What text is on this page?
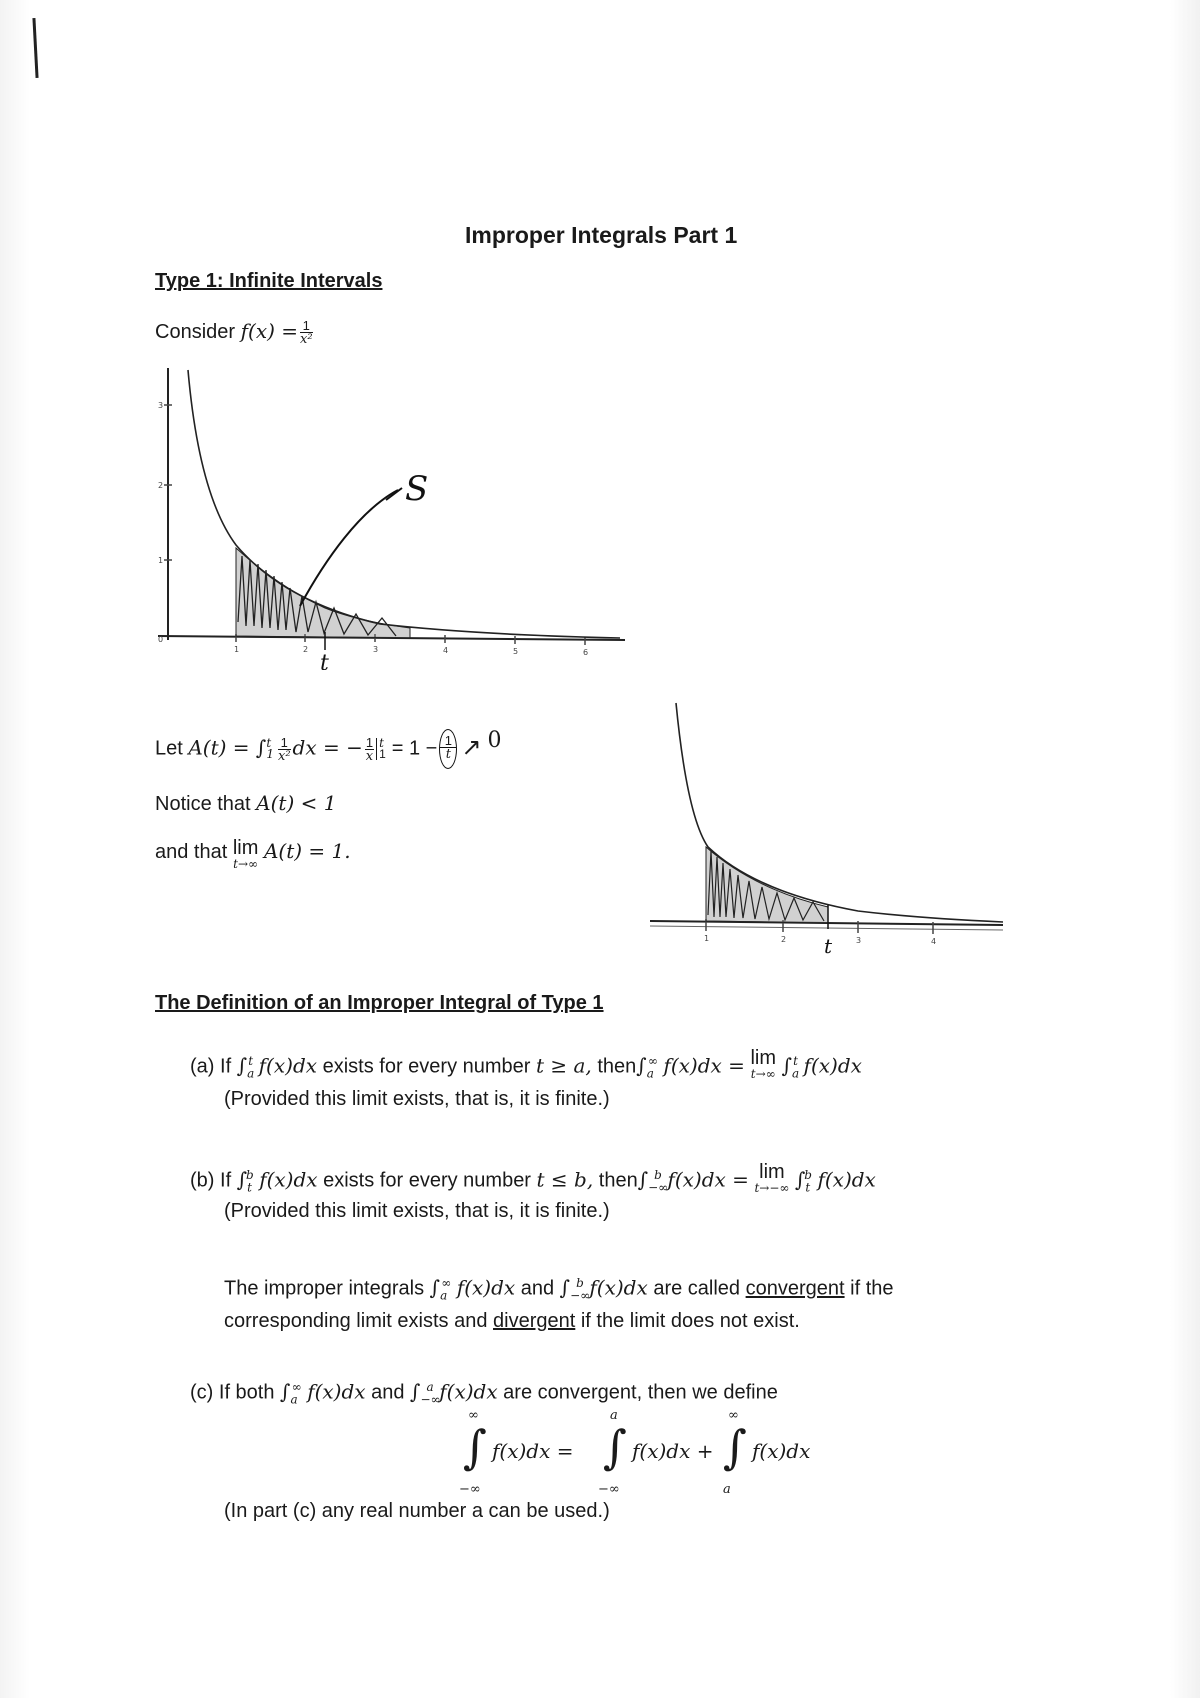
Improper Integrals Part 1
Type 1: Infinite Intervals
Consider $f(x) = \frac{1}{\text{x²}}$
3
2
1
0
1	2	3	4	5	6
S
t
Let A(t) = ∫ t
$1 \frac{1}{\text{x²}}$ dx = − $\frac{1}{x}$ t
$1 = 1 - \frac{1}{t}$ ↗ 0
Notice that A(t) < 1
and that lim
t→∞
A(t) = 1.
1	2	3	4
t
The Definition of an Improper Integral of Type 1
(a) If $\int_a^t$ f(x)dx exists for every number t ≥ a, $then\int_a^\infty$ f(x)dx = lim
t→∞ $\int_a^t$ f(x)dx
(Provided this limit exists, that is, it is finite.)
(b) If $\int_t^b$ f(x)dx exists for every number t ≤ b, $then\int_{-\infty}^b$ f(x)dx = lim
t→−∞ $\int_t^b$ f(x)dx
(Provided this limit exists, that is, it is finite.)
The improper integrals $\int_a^\infty$ f(x)dx and $\int_{-\infty}^b$ f(x)dx are called convergent if the
corresponding limit exists and divergent if the limit does not exist.
(c) If both $\int_a^\infty$ f(x)dx and $\int_{-\infty}^a$ f(x)dx are convergent, then we define
∞
∫
−∞
f(x)dx =
a
∫
−∞
f(x)dx +
∞
∫
a
f(x)dx
(In part (c) any real number a can be used.)
